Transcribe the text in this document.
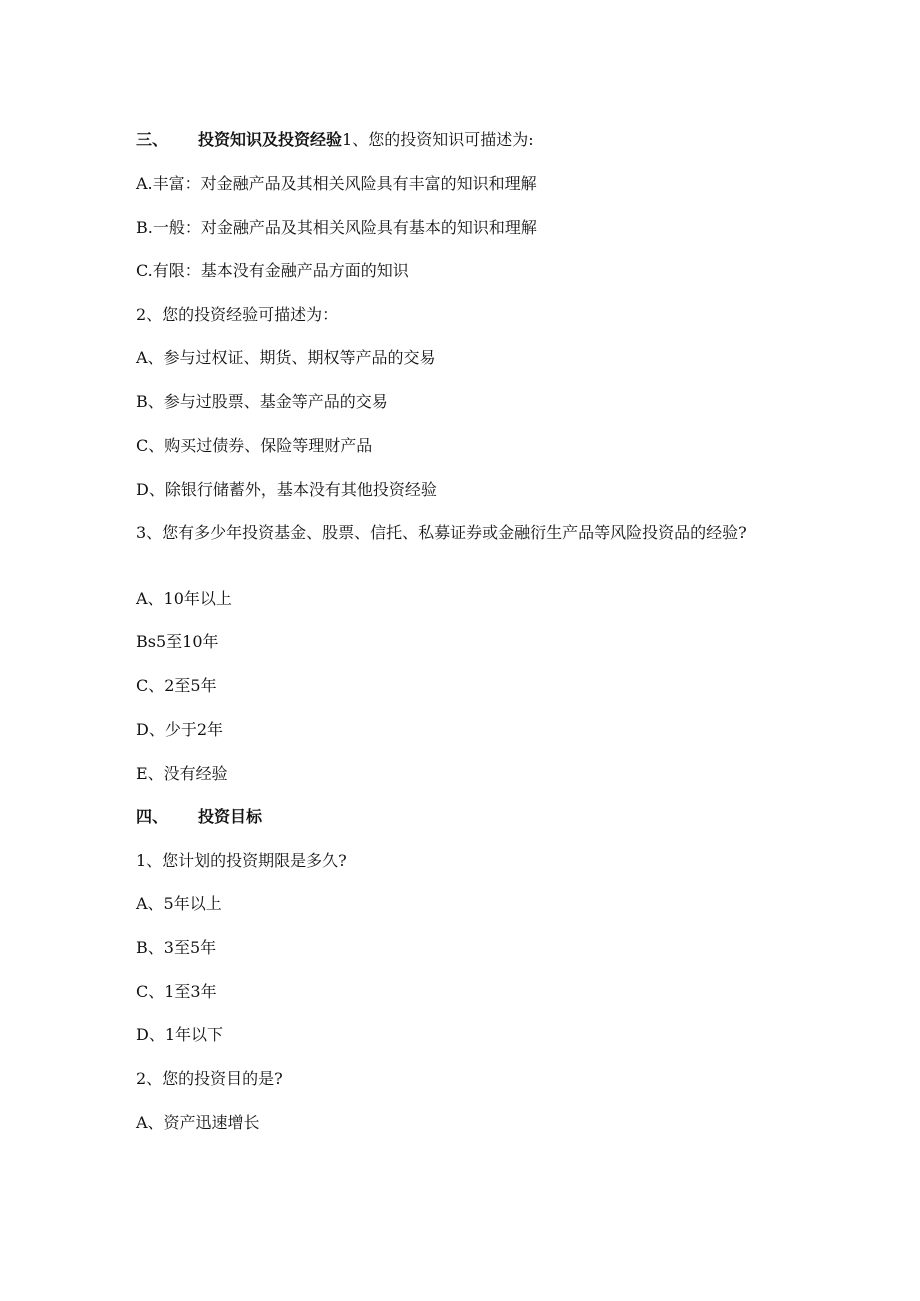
三、 投资知识及投资经验1、您的投资知识可描述为:
A.丰富：对金融产品及其相关风险具有丰富的知识和理解
B.一般：对金融产品及其相关风险具有基本的知识和理解
C.有限：基本没有金融产品方面的知识
2、您的投资经验可描述为：
A、参与过权证、期货、期权等产品的交易
B、参与过股票、基金等产品的交易
C、购买过债券、保险等理财产品
D、除银行储蓄外，基本没有其他投资经验
3、您有多少年投资基金、股票、信托、私募证券或金融衍生产品等风险投资品的经验?
A、10年以上
Bs5至10年
C、2至5年
D、少于2年
E、没有经验
四、 投资目标
1、您计划的投资期限是多久?
A、5年以上
B、3至5年
C、1至3年
D、1年以下
2、您的投资目的是?
A、资产迅速增长
